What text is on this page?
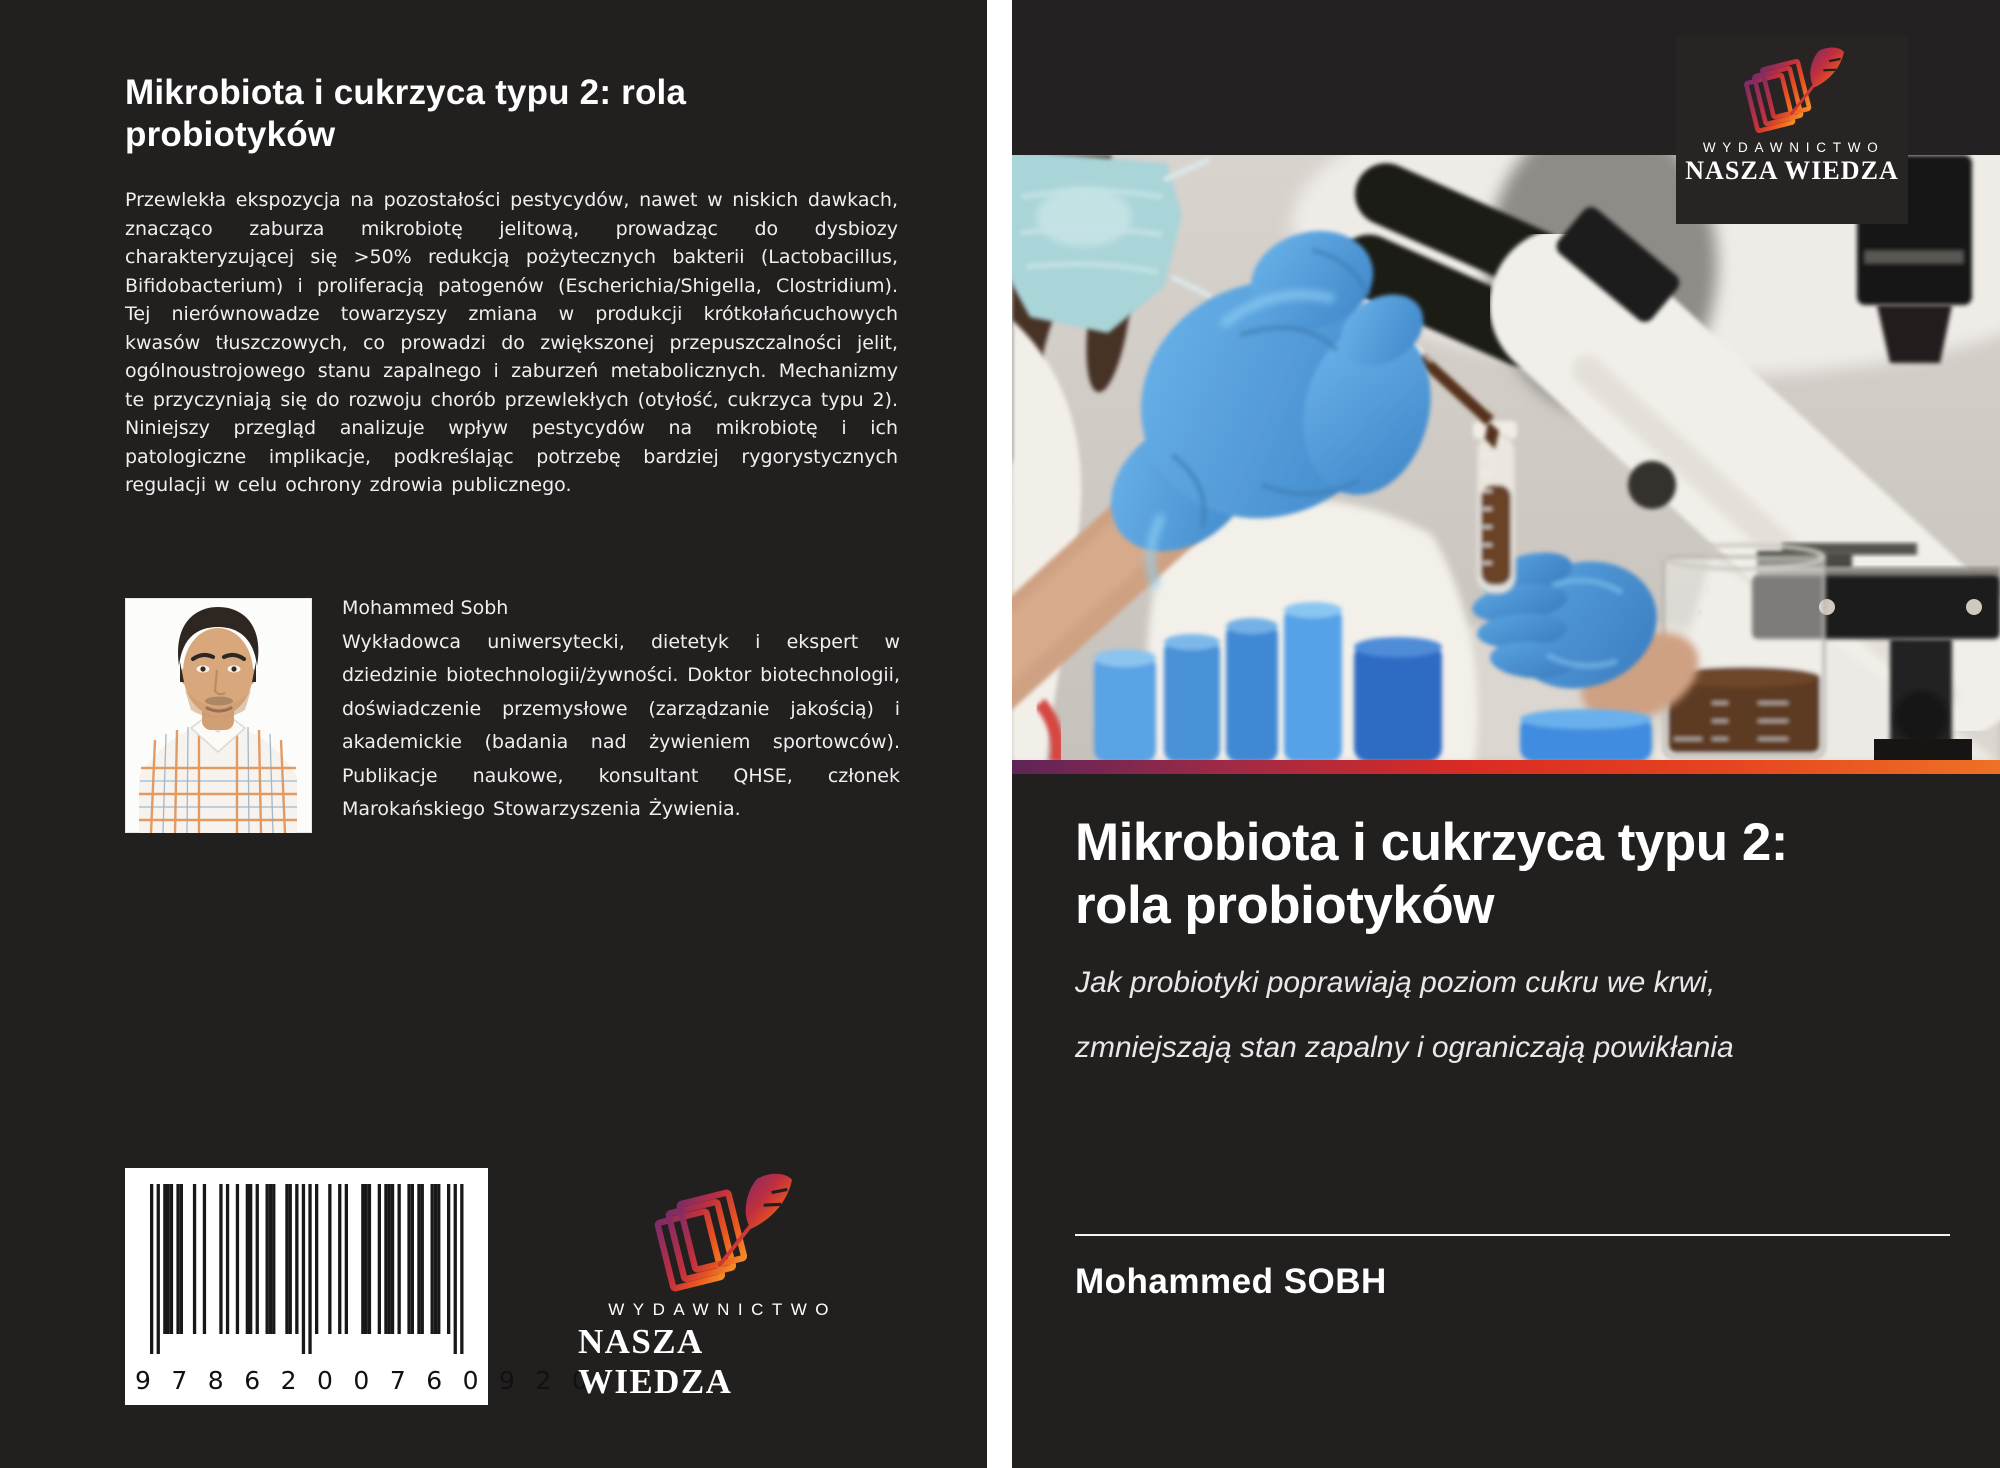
Mikrobiota i cukrzyca typu 2: rola probiotyków
Przewlekła ekspozycja na pozostałości pestycydów, nawet w niskich dawkach, znacząco zaburza mikrobiotę jelitową, prowadząc do dysbiozy charakteryzującej się >50% redukcją pożytecznych bakterii (Lactobacillus, Bifidobacterium) i proliferacją patogenów (Escherichia/Shigella, Clostridium). Tej nierównowadze towarzyszy zmiana w produkcji krótkołańcuchowych kwasów tłuszczowych, co prowadzi do zwiększonej przepuszczalności jelit, ogólnoustrojowego stanu zapalnego i zaburzeń metabolicznych. Mechanizmy te przyczyniają się do rozwoju chorób przewlekłych (otyłość, cukrzyca typu 2). Niniejszy przegląd analizuje wpływ pestycydów na mikrobiotę i ich patologiczne implikacje, podkreślając potrzebę bardziej rygorystycznych regulacji w celu ochrony zdrowia publicznego.
Mohammed Sobh
Wykładowca uniwersytecki, dietetyk i ekspert w dziedzinie biotechnologii/żywności. Doktor biotechnologii, doświadczenie przemysłowe (zarządzanie jakością) i akademickie (badania nad żywieniem sportowców). Publikacje naukowe, konsultant QHSE, członek Marokańskiego Stowarzyszenia Żywienia.
9786200760920
WYDAWNICTWO
NASZA WIEDZA
WYDAWNICTWO
NASZA WIEDZA
Mikrobiota i cukrzyca typu 2: rola probiotyków
Jak probiotyki poprawiają poziom cukru we krwi, zmniejszają stan zapalny i ograniczają powikłania
Mohammed SOBH
